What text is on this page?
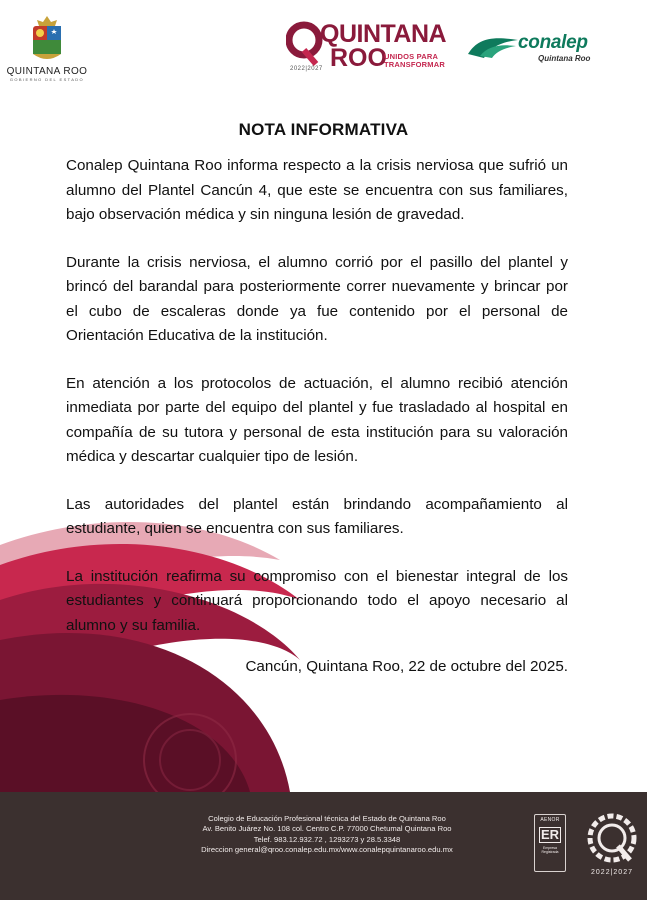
QUINTANA ROO
GOBIERNO DEL ESTADO
QUINTANA
ROO
UNIDOS PARA TRANSFORMAR
2022|2027
conalep
Quintana Roo
NOTA INFORMATIVA

Conalep Quintana Roo informa respecto a la crisis nerviosa que sufrió un alumno del Plantel Cancún 4, que este se encuentra con sus familiares, bajo observación médica y sin ninguna lesión de gravedad.

Durante la crisis nerviosa, el alumno corrió por el pasillo del plantel y brincó del barandal para posteriormente correr nuevamente y brincar por el cubo de escaleras donde ya fue contenido por el personal de Orientación Educativa de la institución.

En atención a los protocolos de actuación, el alumno recibió atención inmediata por parte del equipo del plantel y fue trasladado al hospital en compañía de su tutora y personal de esta institución para su valoración médica y descartar cualquier tipo de lesión.

Las autoridades del plantel están brindando acompañamiento al estudiante, quien se encuentra con sus familiares.

La institución reafirma su compromiso con el bienestar integral de los estudiantes y continuará proporcionando todo el apoyo necesario al alumno y su familia.

Cancún, Quintana Roo, 22 de octubre del 2025.
Colegio de Educación Profesional técnica del Estado de Quintana Roo
Av. Benito Juárez No. 108 col. Centro C.P. 77000 Chetumal Quintana Roo
Telef. 983.12.932.72 , 1293273 y 28.5.3348
Direccion general@qroo.conalep.edu.mx/www.conalepquintanaroo.edu.mx
AENOR
ER
Empresa Registrada
2022|2027
